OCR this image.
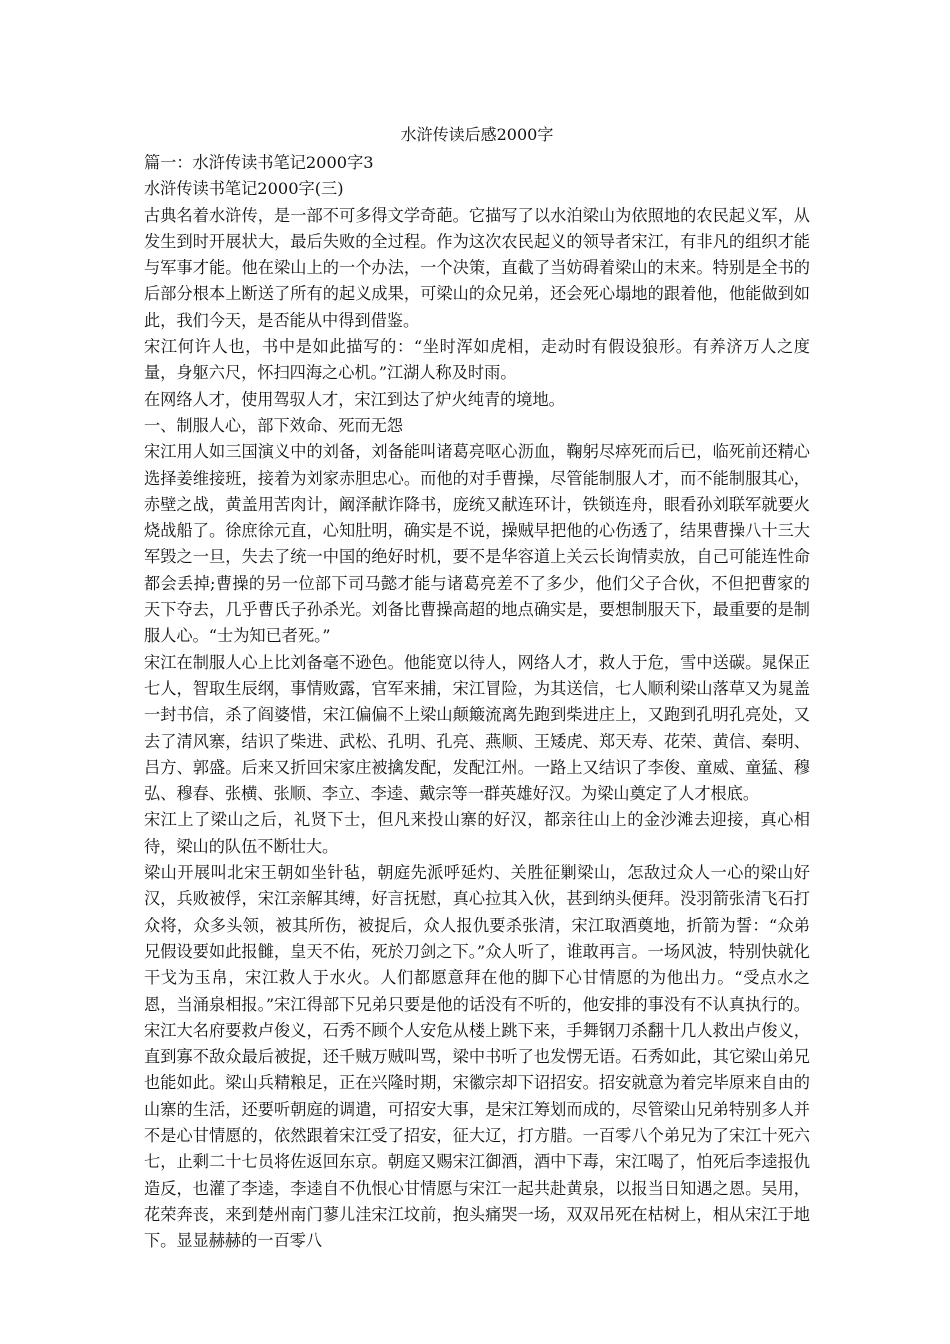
水浒传读后感2000字

篇一：水浒传读书笔记2000字3

水浒传读书笔记2000字(三)

古典名着水浒传，是一部不可多得文学奇葩。它描写了以水泊梁山为依照地的农民起义军，从发生到时开展状大，最后失败的全过程。作为这次农民起义的领导者宋江，有非凡的组织才能与军事才能。他在梁山上的一个办法，一个决策，直截了当妨碍着梁山的末来。特别是全书的后部分根本上断送了所有的起义成果，可梁山的众兄弟，还会死心塌地的跟着他，他能做到如此，我们今天，是否能从中得到借鉴。

宋江何许人也，书中是如此描写的：“坐时浑如虎相，走动时有假设狼形。有养济万人之度量，身躯六尺，怀扫四海之心机。”江湖人称及时雨。

在网络人才，使用驾驭人才，宋江到达了炉火纯青的境地。

一、制服人心，部下效命、死而无怨

宋江用人如三国演义中的刘备，刘备能叫诸葛亮呕心沥血，鞠躬尽瘁死而后已，临死前还精心选择姜维接班，接着为刘家赤胆忠心。而他的对手曹操，尽管能制服人才，而不能制服其心，赤壁之战，黄盖用苦肉计，阚泽献诈降书，庞统又献连环计，铁锁连舟，眼看孙刘联军就要火烧战船了。徐庶徐元直，心知肚明，确实是不说，操贼早把他的心伤透了，结果曹操八十三大军毁之一旦，失去了统一中国的绝好时机，要不是华容道上关云长询情卖放，自己可能连性命都会丢掉;曹操的另一位部下司马懿才能与诸葛亮差不了多少，他们父子合伙，不但把曹家的天下夺去，几乎曹氏子孙杀光。刘备比曹操高超的地点确实是，要想制服天下，最重要的是制服人心。“士为知已者死。”

宋江在制服人心上比刘备毫不逊色。他能宽以待人，网络人才，救人于危，雪中送碳。晁保正七人，智取生辰纲，事情败露，官军来捕，宋江冒险，为其送信，七人顺利梁山落草又为晁盖一封书信，杀了阎婆惜，宋江偏偏不上梁山颠簸流离先跑到柴进庄上，又跑到孔明孔亮处，又去了清风寨，结识了柴进、武松、孔明、孔亮、燕顺、王矮虎、郑天寿、花荣、黄信、秦明、吕方、郭盛。后来又折回宋家庄被擒发配，发配江州。一路上又结识了李俊、童威、童猛、穆弘、穆春、张横、张顺、李立、李逵、戴宗等一群英雄好汉。为梁山奠定了人才根底。

宋江上了梁山之后，礼贤下士，但凡来投山寨的好汉，都亲往山上的金沙滩去迎接，真心相待，梁山的队伍不断壮大。

梁山开展叫北宋王朝如坐针毡，朝庭先派呼延灼、关胜征剿梁山，怎敌过众人一心的梁山好汉，兵败被俘，宋江亲解其缚，好言抚慰，真心拉其入伙，甚到纳头便拜。没羽箭张清飞石打众将，众多头领，被其所伤，被捉后，众人报仇要杀张清，宋江取酒奠地，折箭为誓：“众弟兄假设要如此报雠，皇天不佑，死於刀剑之下。”众人听了，谁敢再言。一场风波，特别快就化干戈为玉帛，宋江救人于水火。人们都愿意拜在他的脚下心甘情愿的为他出力。“受点水之恩，当涌泉相报。”宋江得部下兄弟只要是他的话没有不听的，他安排的事没有不认真执行的。宋江大名府要救卢俊义，石秀不顾个人安危从楼上跳下来，手舞钢刀杀翻十几人救出卢俊义，直到寡不敌众最后被捉，还千贼万贼叫骂，梁中书听了也发愣无语。石秀如此，其它梁山弟兄也能如此。梁山兵精粮足，正在兴隆时期，宋徽宗却下诏招安。招安就意为着完毕原来自由的山寨的生活，还要听朝庭的调遣，可招安大事，是宋江筹划而成的，尽管梁山兄弟特别多人并不是心甘情愿的，依然跟着宋江受了招安，征大辽，打方腊。一百零八个弟兄为了宋江十死六七，止剩二十七员将佐返回东京。朝庭又赐宋江御酒，酒中下毒，宋江喝了，怕死后李逵报仇造反，也灌了李逵，李逵自不仇恨心甘情愿与宋江一起共赴黄泉，以报当日知遇之恩。吴用，花荣奔丧，来到楚州南门蓼儿洼宋江坟前，抱头痛哭一场，双双吊死在枯树上，相从宋江于地下。显显赫赫的一百零八
